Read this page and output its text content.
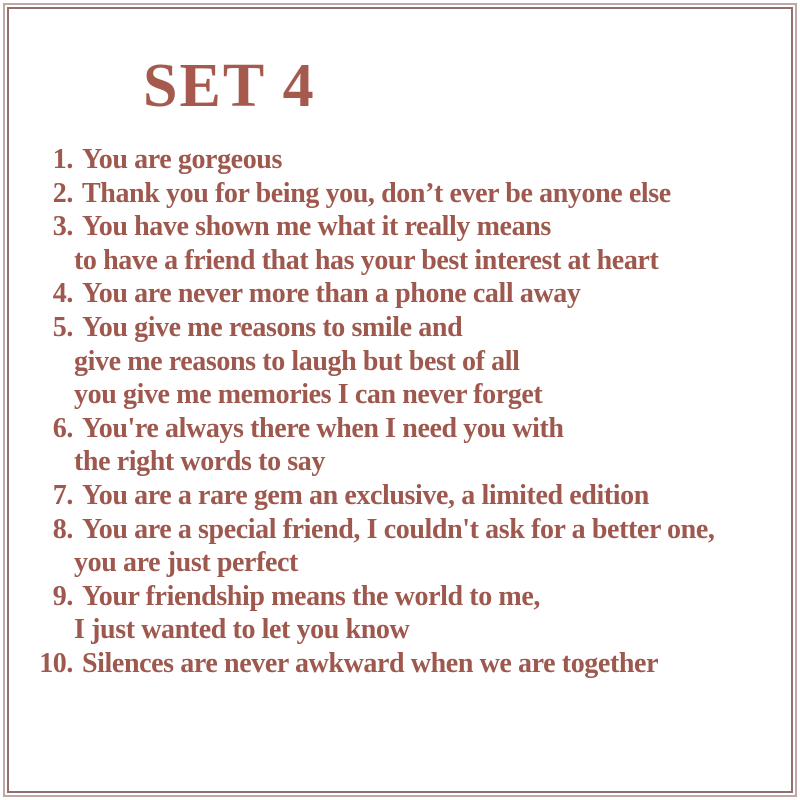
SET 4
1. You are gorgeous
2. Thank you for being you, don’t ever be anyone else
3. You have shown me what it really means
to have a friend that has your best interest at heart
4. You are never more than a phone call away
5. You give me reasons to smile and
give me reasons to laugh but best of all
you give me memories I can never forget
6. You're always there when I need you with
the right words to say
7. You are a rare gem an exclusive, a limited edition
8. You are a special friend, I couldn't ask for a better one,
you are just perfect
9. Your friendship means the world to me,
I just wanted to let you know
10. Silences are never awkward when we are together
